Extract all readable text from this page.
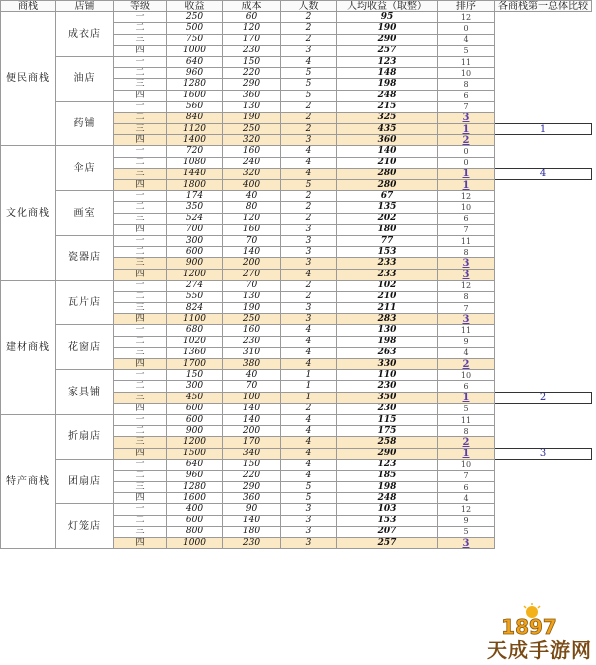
商栈	店铺	等级	收益	成本	人数	人均收益（取整）	排序	各商栈第一总体比较
便民商栈	成衣店	一	250	60	2	95	12	
		二	500	120	2	190	0	
		三	750	170	2	290	4	
		四	1000	230	3	257	5	
	油店	一	640	150	4	123	11	
		二	960	220	5	148	10	
		三	1280	290	5	198	8	
		四	1600	360	5	248	6	
	药铺	一	560	130	2	215	7	
		二	840	190	2	325	3	
		三	1120	250	2	435	1	1
		四	1400	320	3	360	2	
文化商栈	伞店	一	720	160	4	140	0	
		二	1080	240	4	210	0	
		三	1440	320	4	280	1	4
		四	1800	400	5	280	1	
	画室	一	174	40	2	67	12	
		二	350	80	2	135	10	
		三	524	120	2	202	6	
		四	700	160	3	180	7	
	瓷器店	一	300	70	3	77	11	
		二	600	140	3	153	8	
		三	900	200	3	233	3	
		四	1200	270	4	233	3	
建材商栈	瓦片店	一	274	70	2	102	12	
		二	550	130	2	210	8	
		三	824	190	3	211	7	
		四	1100	250	3	283	3	
	花窗店	一	680	160	4	130	11	
		二	1020	230	4	198	9	
		三	1360	310	4	263	4	
		四	1700	380	4	330	2	
	家具铺	一	150	40	1	110	10	
		二	300	70	1	230	6	
		三	450	100	1	350	1	2
		四	600	140	2	230	5	
特产商栈	折扇店	一	600	140	4	115	11	
		二	900	200	4	175	8	
		三	1200	170	4	258	2	
		四	1500	340	4	290	1	3
	团扇店	一	640	150	4	123	10	
		二	960	220	4	185	7	
		三	1280	290	5	198	6	
		四	1600	360	5	248	4	
	灯笼店	一	400	90	3	103	12	
		二	600	140	3	153	9	
		三	800	180	3	207	5	
		四	1000	230	3	257	3	
1897
天成手游网
